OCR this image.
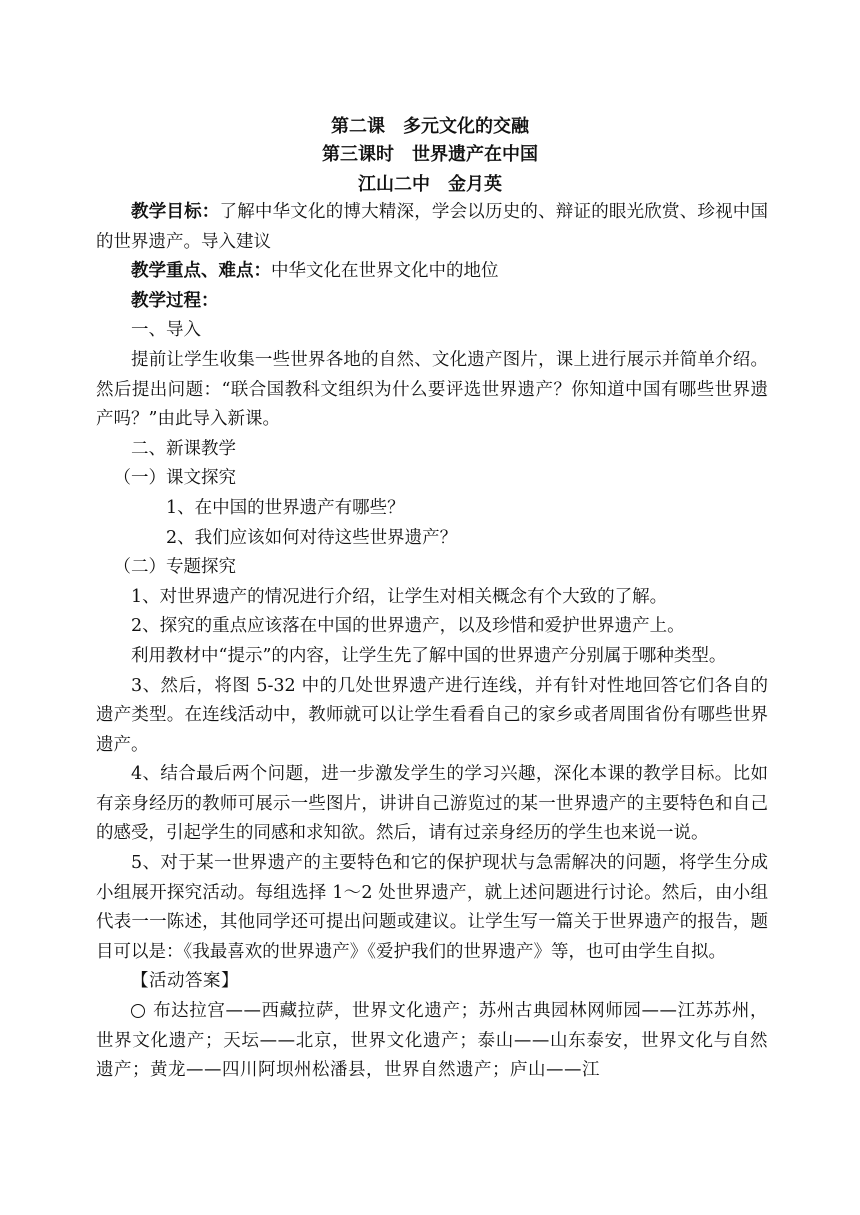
第二课　多元文化的交融
第三课时　世界遗产在中国
江山二中　金月英

教学目标：了解中华文化的博大精深，学会以历史的、辩证的眼光欣赏、珍视中国的世界遗产。导入建议

教学重点、难点：中华文化在世界文化中的地位

教学过程：

一、导入

提前让学生收集一些世界各地的自然、文化遗产图片，课上进行展示并简单介绍。然后提出问题：“联合国教科文组织为什么要评选世界遗产？你知道中国有哪些世界遗产吗？”由此导入新课。

二、新课教学

（一）课文探究

1、在中国的世界遗产有哪些？

2、我们应该如何对待这些世界遗产？

（二）专题探究

1、对世界遗产的情况进行介绍，让学生对相关概念有个大致的了解。

2、探究的重点应该落在中国的世界遗产，以及珍惜和爱护世界遗产上。

利用教材中“提示”的内容，让学生先了解中国的世界遗产分别属于哪种类型。

3、然后，将图 5-32 中的几处世界遗产进行连线，并有针对性地回答它们各自的遗产类型。在连线活动中，教师就可以让学生看看自己的家乡或者周围省份有哪些世界遗产。

4、结合最后两个问题，进一步激发学生的学习兴趣，深化本课的教学目标。比如有亲身经历的教师可展示一些图片，讲讲自己游览过的某一世界遗产的主要特色和自己的感受，引起学生的同感和求知欲。然后，请有过亲身经历的学生也来说一说。

5、对于某一世界遗产的主要特色和它的保护现状与急需解决的问题，将学生分成小组展开探究活动。每组选择 1～2 处世界遗产，就上述问题进行讨论。然后，由小组代表一一陈述，其他同学还可提出问题或建议。让学生写一篇关于世界遗产的报告，题目可以是：《我最喜欢的世界遗产》《爱护我们的世界遗产》等，也可由学生自拟。

【活动答案】

布达拉宫——西藏拉萨，世界文化遗产；苏州古典园林网师园——江苏苏州，世界文化遗产；天坛——北京，世界文化遗产；泰山——山东泰安，世界文化与自然遗产；黄龙——四川阿坝州松潘县，世界自然遗产；庐山——江
